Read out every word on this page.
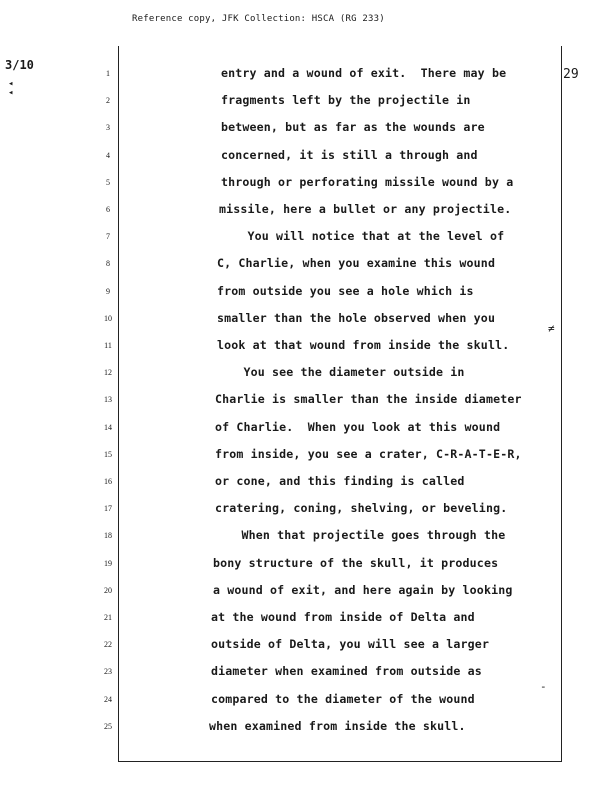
Reference copy, JFK Collection: HSCA (RG 233)
3/10
◂
◂
29
1	entry and a wound of exit.  There may be
2	fragments left by the projectile in
3	between, but as far as the wounds are
4	concerned, it is still a through and
5	through or perforating missile wound by a
6	missile, here a bullet or any projectile.
7	You will notice that at the level of
8	C, Charlie, when you examine this wound
9	from outside you see a hole which is
10	smaller than the hole observed when you
11	look at that wound from inside the skull.
12	You see the diameter outside in
13	Charlie is smaller than the inside diameter
14	of Charlie.  When you look at this wound
15	from inside, you see a crater, C-R-A-T-E-R,
16	or cone, and this finding is called
17	cratering, coning, shelving, or beveling.
18	When that projectile goes through the
19	bony structure of the skull, it produces
20	a wound of exit, and here again by looking
21	at the wound from inside of Delta and
22	outside of Delta, you will see a larger
23	diameter when examined from outside as
24	compared to the diameter of the wound
25	when examined from inside the skull.
≠
-
